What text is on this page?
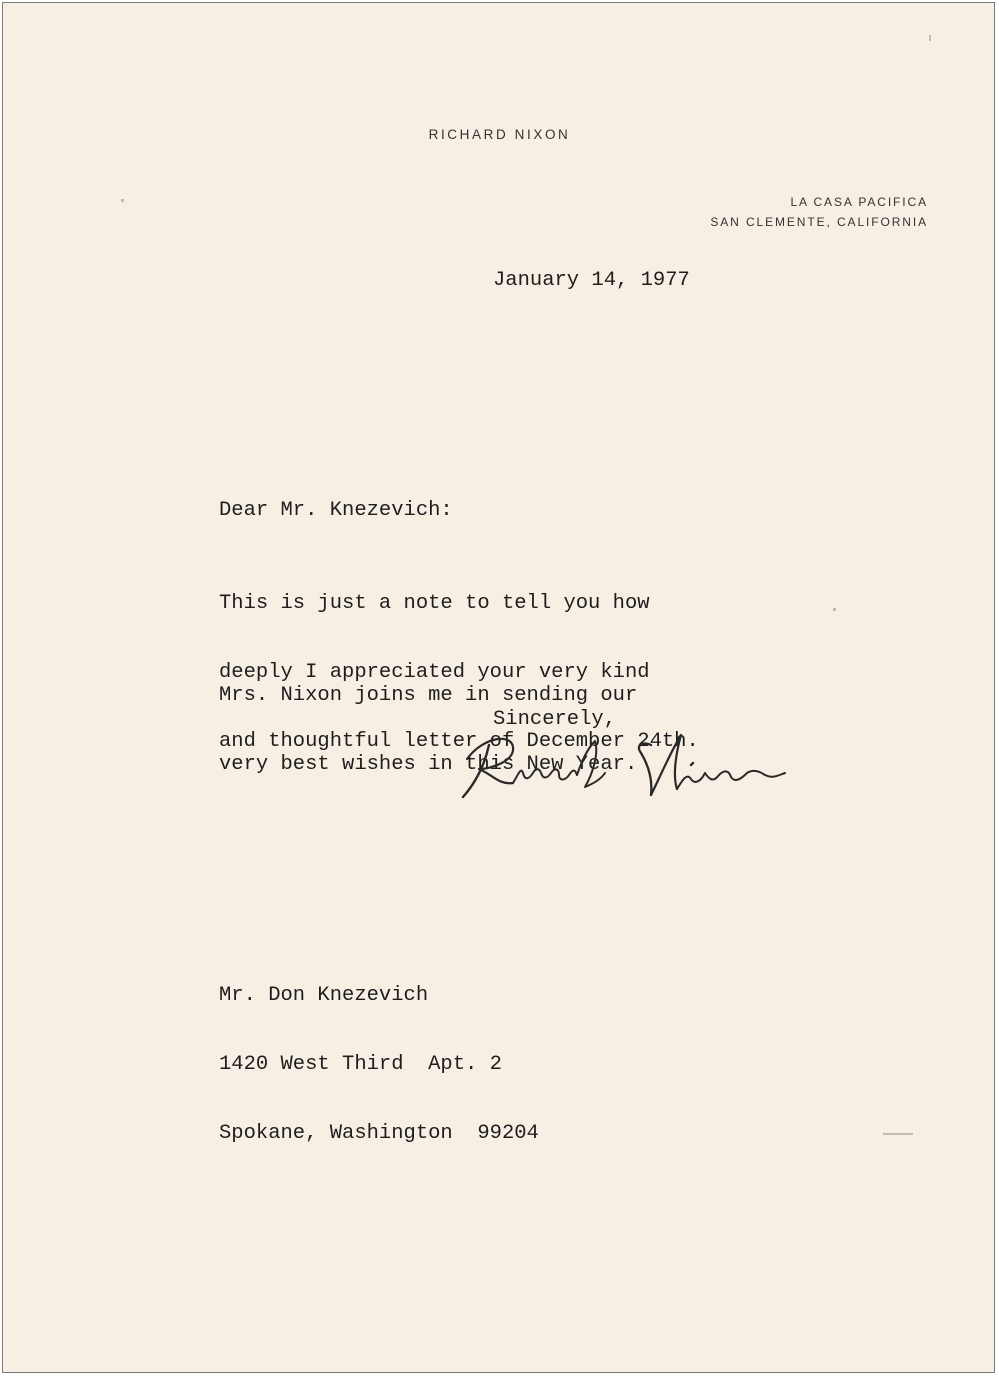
RICHARD NIXON
LA CASA PACIFICA
SAN CLEMENTE, CALIFORNIA
January 14, 1977
Dear Mr. Knezevich:

This is just a note to tell you how

deeply I appreciated your very kind

and thoughtful letter of December 24th.

Mrs. Nixon joins me in sending our

very best wishes in this New Year.

Sincerely,

Mr. Don Knezevich

1420 West Third  Apt. 2

Spokane, Washington  99204
